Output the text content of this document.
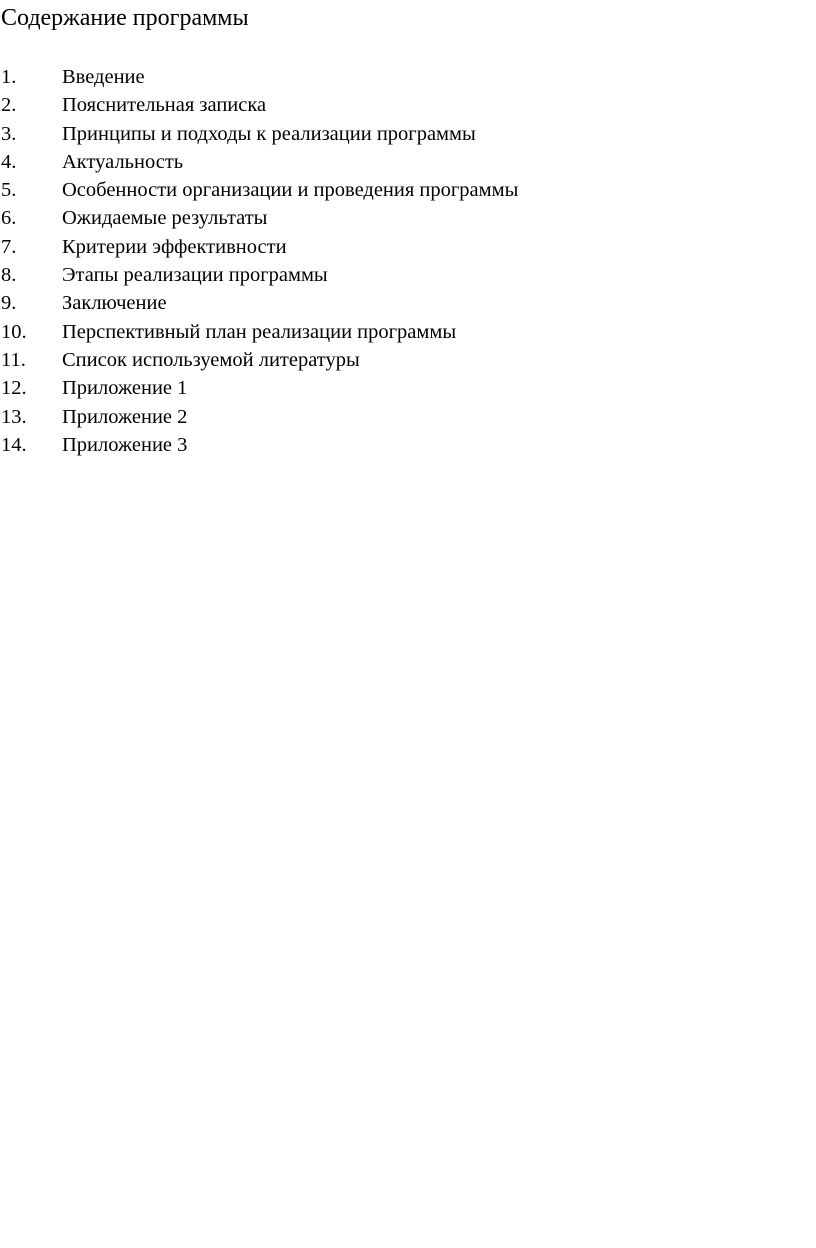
Содержание программы
1. Введение
2. Пояснительная записка
3. Принципы и подходы к реализации программы
4. Актуальность
5. Особенности организации и проведения программы
6. Ожидаемые результаты
7. Критерии эффективности
8. Этапы реализации программы
9. Заключение
10. Перспективный план реализации программы
11. Список используемой литературы
12. Приложение 1
13. Приложение 2
14. Приложение 3
